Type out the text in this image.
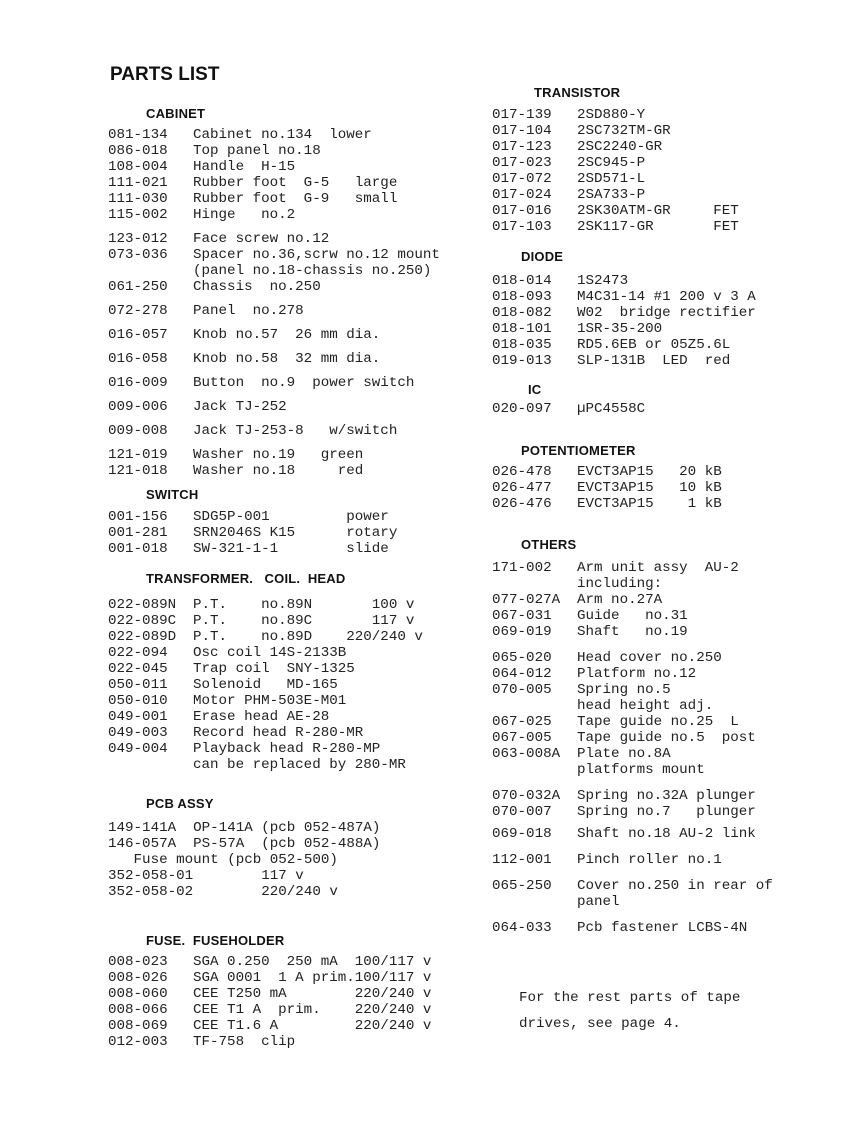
PARTS LIST
CABINET
081-134 Cabinet no.134  lower
086-018 Top panel no.18
108-004 Handle  H-15
111-021 Rubber foot  G-5   large
111-030 Rubber foot  G-9   small
115-002 Hinge   no.2
123-012 Face screw no.12
073-036 Spacer no.36,scrw no.12 mount
(panel no.18-chassis no.250)
061-250 Chassis  no.250
072-278 Panel  no.278
016-057 Knob no.57  26 mm dia.
016-058 Knob no.58  32 mm dia.
016-009 Button  no.9  power switch
009-006 Jack TJ-252
009-008 Jack TJ-253-8   w/switch
121-019 Washer no.19   green
121-018 Washer no.18     red
SWITCH
001-156 SDG5P-001         power
001-281 SRN2046S K15      rotary
001-018 SW-321-1-1        slide
TRANSFORMER.   COIL.  HEAD
022-089N P.T.    no.89N       100 v
022-089C P.T.    no.89C       117 v
022-089D P.T.    no.89D    220/240 v
022-094 Osc coil 14S-2133B
022-045 Trap coil  SNY-1325
050-011 Solenoid   MD-165
050-010 Motor PHM-503E-M01
049-001 Erase head AE-28
049-003 Record head R-280-MR
049-004 Playback head R-280-MP
can be replaced by 280-MR
PCB ASSY
149-141A  OP-141A (pcb 052-487A)
146-057A  PS-57A  (pcb 052-488A)
Fuse mount (pcb 052-500)
352-058-01        117 v
352-058-02        220/240 v
FUSE.  FUSEHOLDER
008-023 SGA 0.250  250 mA  100/117 v
008-026 SGA 0001  1 A prim.100/117 v
008-060 CEE T250 mA        220/240 v
008-066 CEE T1 A  prim.    220/240 v
008-069 CEE T1.6 A         220/240 v
012-003 TF-758  clip
TRANSISTOR
017-139 2SD880-Y
017-104 2SC732TM-GR
017-123 2SC2240-GR
017-023 2SC945-P
017-072 2SD571-L
017-024 2SA733-P
017-016 2SK30ATM-GR     FET
017-103 2SK117-GR       FET
DIODE
018-014 1S2473
018-093 M4C31-14 #1 200 v 3 A
018-082 W02  bridge rectifier
018-101 1SR-35-200
018-035 RD5.6EB or 05Z5.6L
019-013 SLP-131B  LED  red
IC
020-097 µPC4558C
POTENTIOMETER
026-478 EVCT3AP15   20 kB
026-477 EVCT3AP15   10 kB
026-476 EVCT3AP15    1 kB
OTHERS
171-002 Arm unit assy  AU-2
including:
077-027A Arm no.27A
067-031 Guide   no.31
069-019 Shaft   no.19
065-020 Head cover no.250
064-012 Platform no.12
070-005 Spring no.5
head height adj.
067-025 Tape guide no.25  L
067-005 Tape guide no.5  post
063-008A Plate no.8A
platforms mount
070-032A Spring no.32A plunger
070-007 Spring no.7   plunger
069-018 Shaft no.18 AU-2 link
112-001 Pinch roller no.1
065-250 Cover no.250 in rear of
panel
064-033 Pcb fastener LCBS-4N
For the rest parts of tape
drives, see page 4.
